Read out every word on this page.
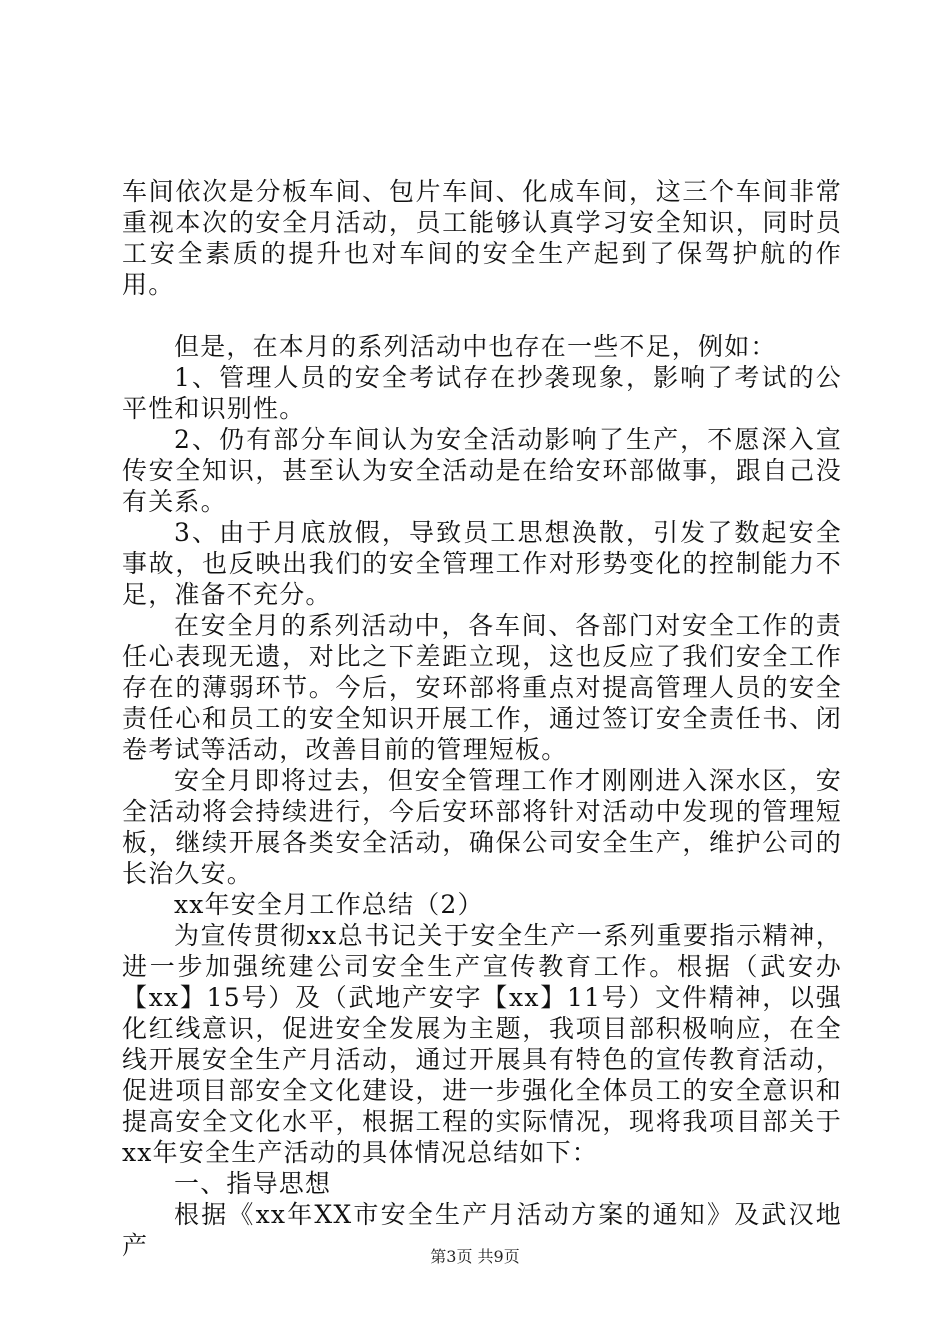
车间依次是分板车间、包片车间、化成车间，这三个车间非常重视本次的安全月活动，员工能够认真学习安全知识，同时员工安全素质的提升也对车间的安全生产起到了保驾护航的作用。

但是，在本月的系列活动中也存在一些不足，例如：

1、管理人员的安全考试存在抄袭现象，影响了考试的公平性和识别性。

2、仍有部分车间认为安全活动影响了生产，不愿深入宣传安全知识，甚至认为安全活动是在给安环部做事，跟自己没有关系。

3、由于月底放假，导致员工思想涣散，引发了数起安全事故，也反映出我们的安全管理工作对形势变化的控制能力不足，准备不充分。

在安全月的系列活动中，各车间、各部门对安全工作的责任心表现无遗，对比之下差距立现，这也反应了我们安全工作存在的薄弱环节。今后，安环部将重点对提高管理人员的安全责任心和员工的安全知识开展工作，通过签订安全责任书、闭卷考试等活动，改善目前的管理短板。

安全月即将过去，但安全管理工作才刚刚进入深水区，安全活动将会持续进行，今后安环部将针对活动中发现的管理短板，继续开展各类安全活动，确保公司安全生产，维护公司的长治久安。

xx年安全月工作总结（2）

为宣传贯彻xx总书记关于安全生产一系列重要指示精神，进一步加强统建公司安全生产宣传教育工作。根据（武安办【xx】15号）及（武地产安字【xx】11号）文件精神，以强化红线意识，促进安全发展为主题，我项目部积极响应，在全线开展安全生产月活动，通过开展具有特色的宣传教育活动，促进项目部安全文化建设，进一步强化全体员工的安全意识和提高安全文化水平，根据工程的实际情况，现将我项目部关于xx年安全生产活动的具体情况总结如下：

一、指导思想

根据《xx年XX市安全生产月活动方案的通知》及武汉地产	第3页 共9页
